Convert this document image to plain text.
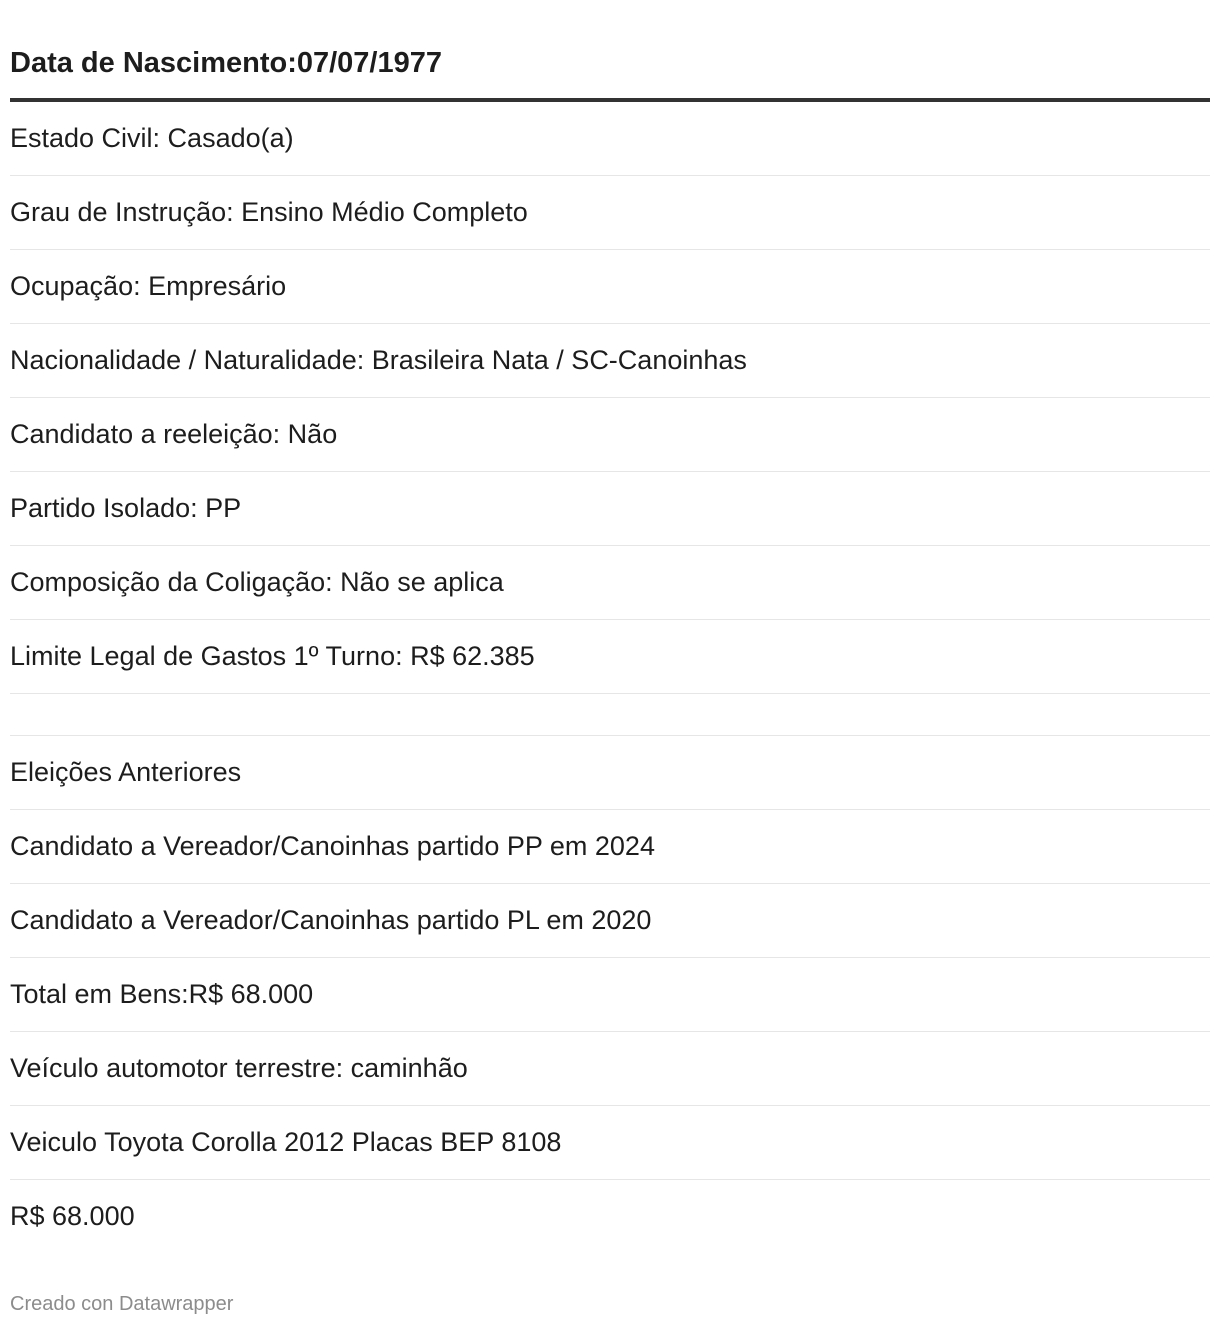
Data de Nascimento:07/07/1977
Estado Civil: Casado(a)
Grau de Instrução: Ensino Médio Completo
Ocupação: Empresário
Nacionalidade / Naturalidade: Brasileira Nata / SC-Canoinhas
Candidato a reeleição: Não
Partido Isolado: PP
Composição da Coligação: Não se aplica
Limite Legal de Gastos 1º Turno: R$ 62.385
Eleições Anteriores
Candidato a Vereador/Canoinhas partido PP em 2024
Candidato a Vereador/Canoinhas partido PL em 2020
Total em Bens:R$ 68.000
Veículo automotor terrestre: caminhão
Veiculo Toyota Corolla 2012 Placas BEP 8108
R$ 68.000
Creado con Datawrapper
